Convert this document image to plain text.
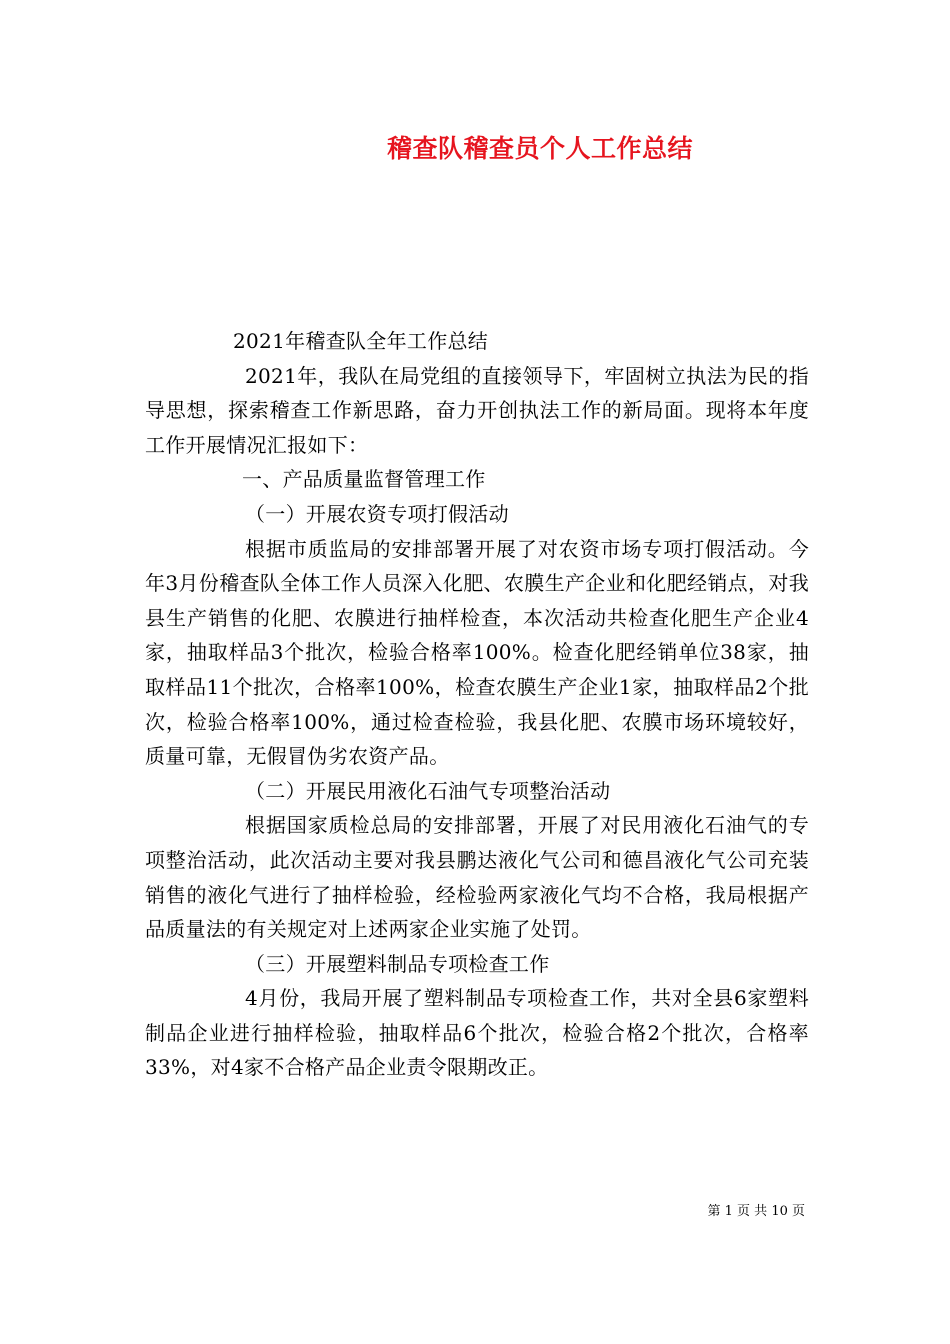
稽查队稽查员个人工作总结

2021年稽查队全年工作总结

2021年，我队在局党组的直接领导下，牢固树立执法为民的指导思想，探索稽查工作新思路，奋力开创执法工作的新局面。现将本年度工作开展情况汇报如下：

一、产品质量监督管理工作

（一）开展农资专项打假活动

根据市质监局的安排部署开展了对农资市场专项打假活动。今年3月份稽查队全体工作人员深入化肥、农膜生产企业和化肥经销点，对我县生产销售的化肥、农膜进行抽样检查，本次活动共检查化肥生产企业4家，抽取样品3个批次，检验合格率100%。检查化肥经销单位38家，抽取样品11个批次，合格率100%，检查农膜生产企业1家，抽取样品2个批次，检验合格率100%，通过检查检验，我县化肥、农膜市场环境较好，质量可靠，无假冒伪劣农资产品。

（二）开展民用液化石油气专项整治活动

根据国家质检总局的安排部署，开展了对民用液化石油气的专项整治活动，此次活动主要对我县鹏达液化气公司和德昌液化气公司充装销售的液化气进行了抽样检验，经检验两家液化气均不合格，我局根据产品质量法的有关规定对上述两家企业实施了处罚。

（三）开展塑料制品专项检查工作

4月份，我局开展了塑料制品专项检查工作，共对全县6家塑料制品企业进行抽样检验，抽取样品6个批次，检验合格2个批次，合格率33%，对4家不合格产品企业责令限期改正。

第 1 页 共 10 页
